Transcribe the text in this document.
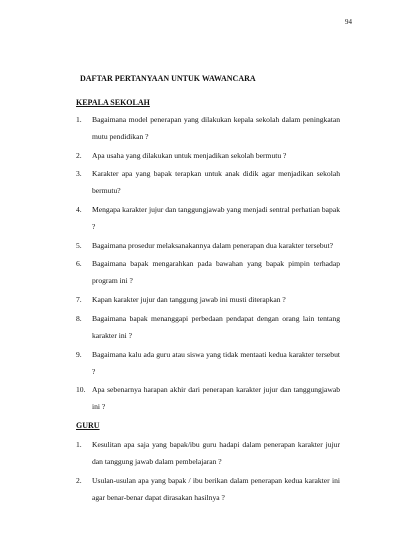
94
DAFTAR PERTANYAAN UNTUK WAWANCARA
KEPALA SEKOLAH
1.	Bagaimana model penerapan yang dilakukan kepala sekolah dalam peningkatan mutu pendidikan ?
2.	Apa usaha yang dilakukan untuk menjadikan sekolah bermutu ?
3.	Karakter apa yang bapak terapkan untuk anak didik agar menjadikan sekolah bermutu?
4.	Mengapa karakter jujur dan tanggungjawab yang menjadi sentral perhatian bapak ?
5.	Bagaimana prosedur melaksanakannya dalam penerapan dua karakter tersebut?
6.	Bagaimana bapak mengarahkan pada bawahan yang bapak pimpin terhadap program ini ?
7.	Kapan karakter jujur dan tanggung jawab ini musti diterapkan ?
8.	Bagaimana bapak menanggapi perbedaan pendapat dengan orang lain tentang karakter ini ?
9.	Bagaimana kalu ada guru atau siswa yang tidak mentaati kedua karakter tersebut ?
10. Apa sebenarnya harapan akhir dari penerapan karakter jujur dan tanggungjawab ini ?
GURU
1.	Kesulitan apa saja yang bapak/ibu guru hadapi dalam penerapan karakter jujur dan tanggung jawab dalam pembelajaran ?
2.	Usulan-usulan apa yang bapak / ibu berikan dalam penerapan kedua karakter ini agar benar-benar dapat dirasakan hasilnya ?
